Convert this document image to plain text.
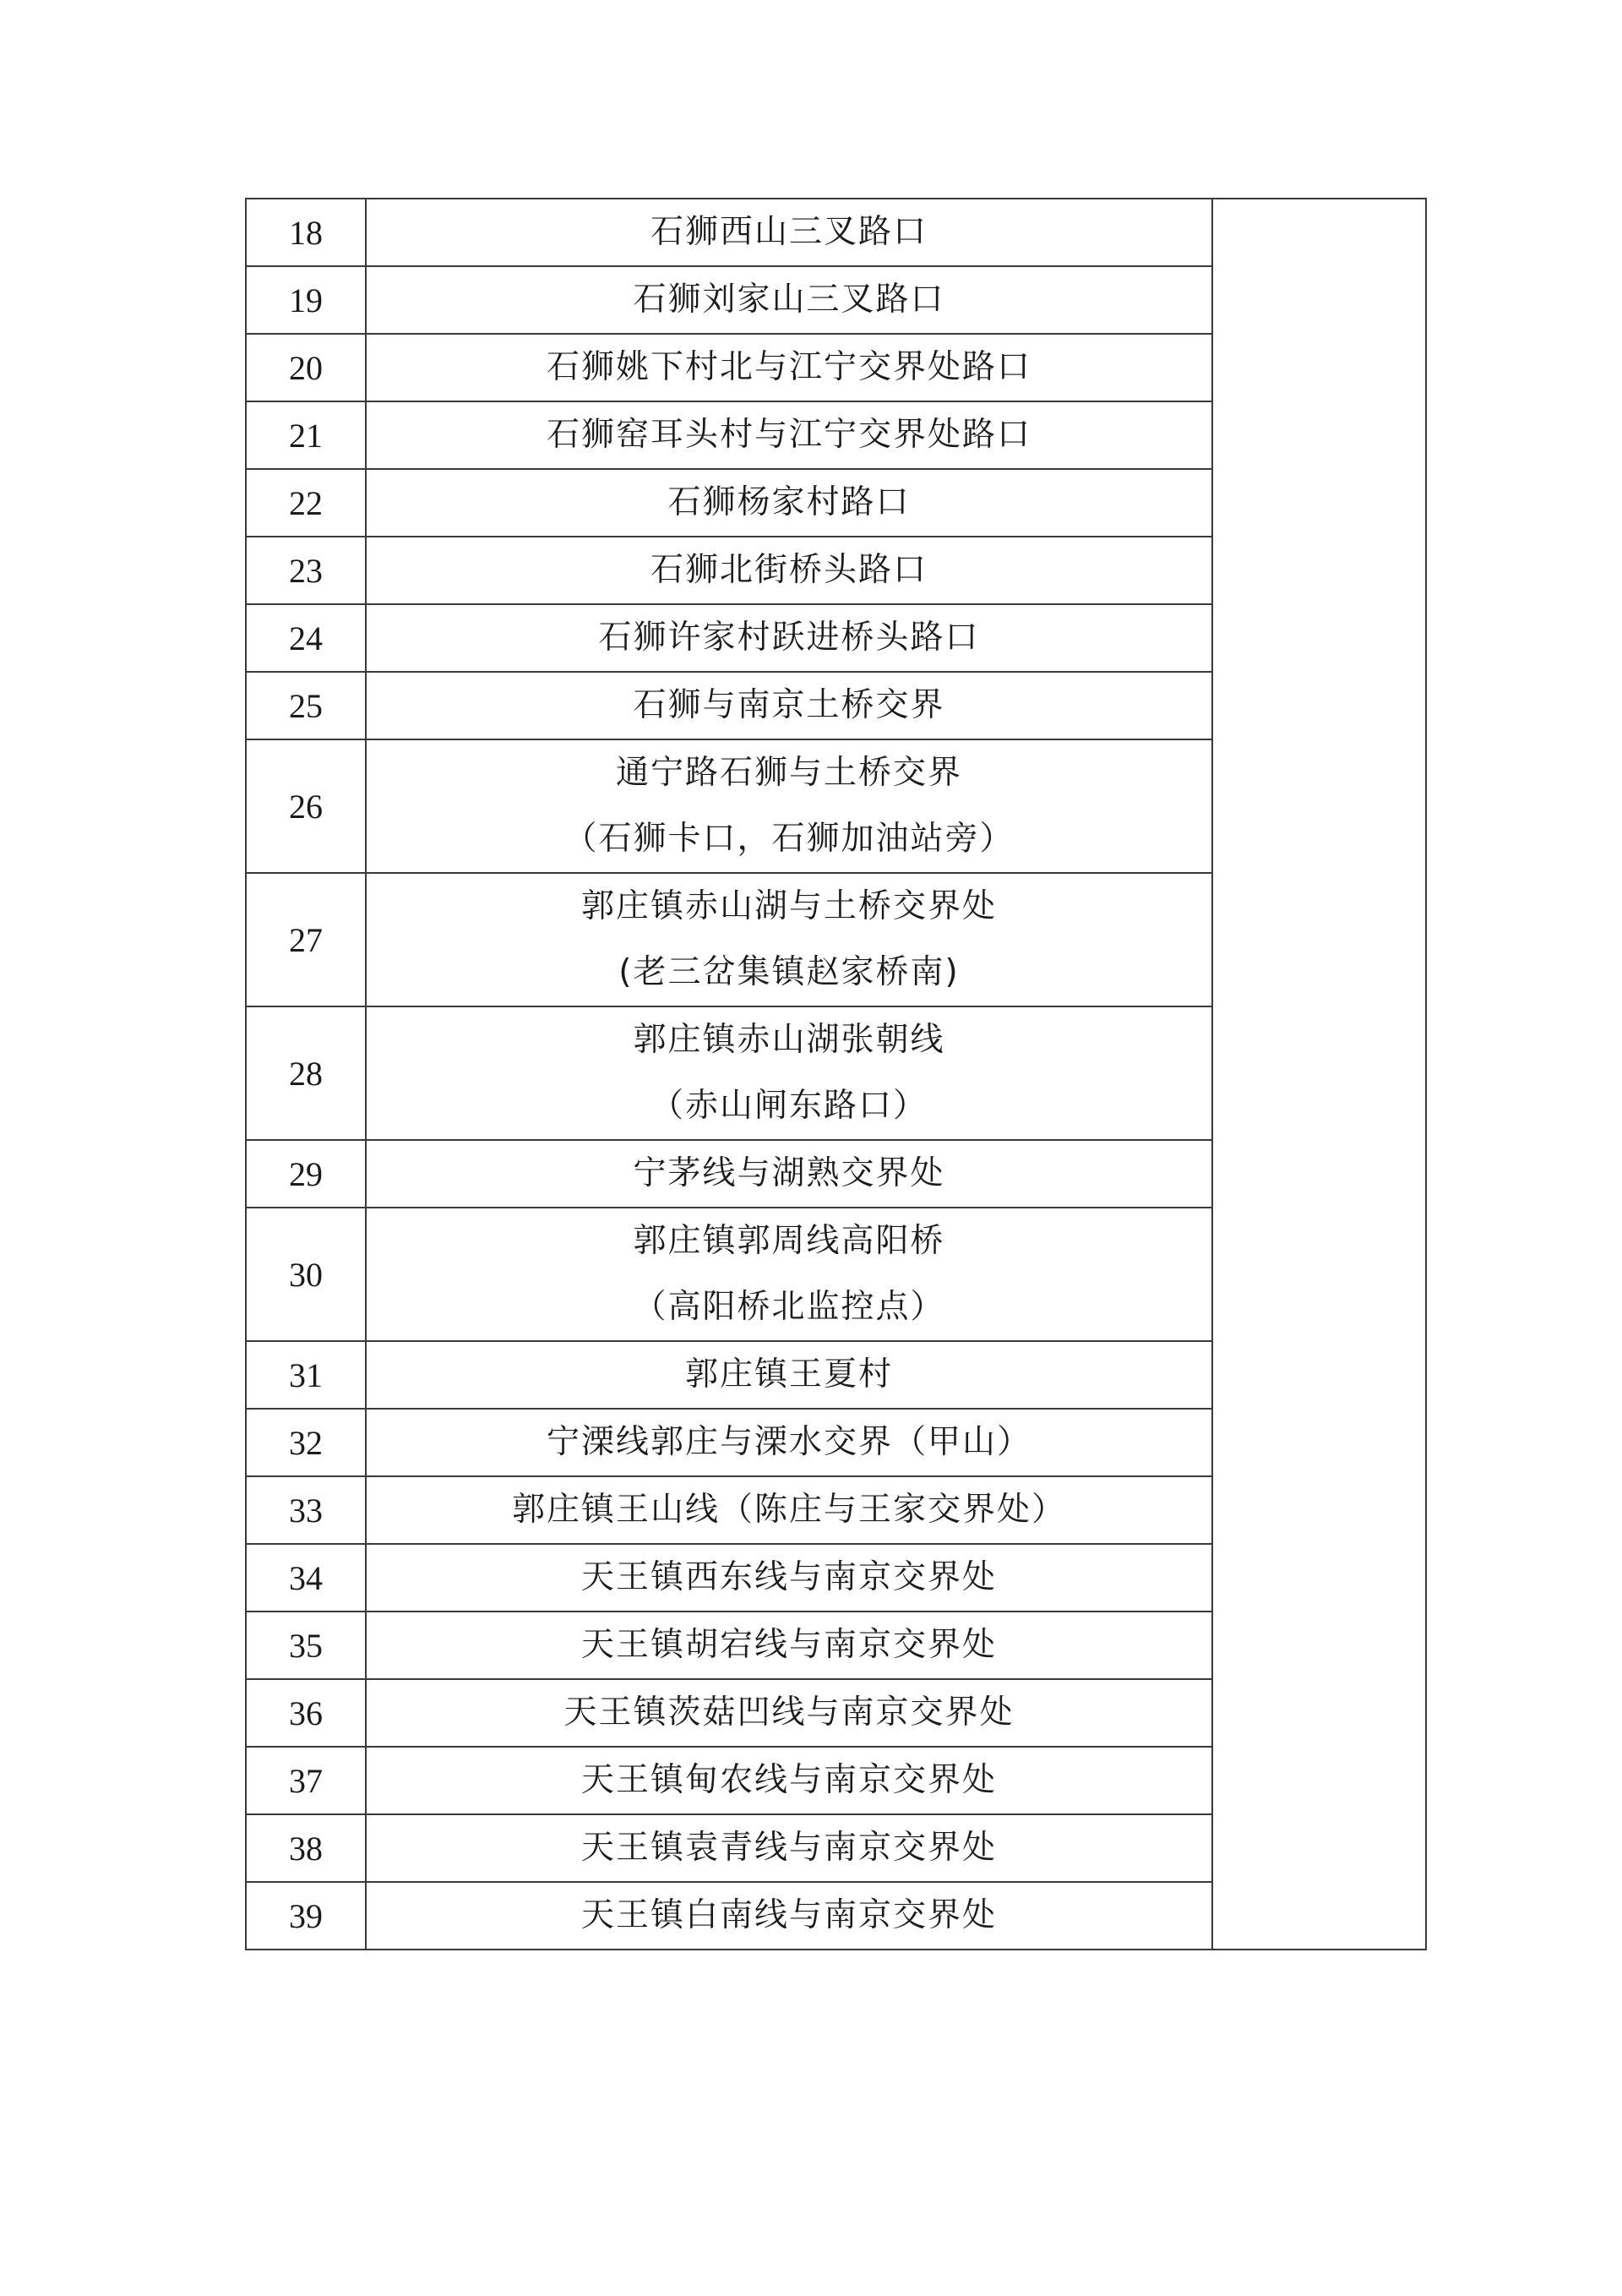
18	石狮西山三叉路口	

19	石狮刘家山三叉路口	

20	石狮姚下村北与江宁交界处路口	

21	石狮窑耳头村与江宁交界处路口	

22	石狮杨家村路口	

23	石狮北街桥头路口	

24	石狮许家村跃进桥头路口	

25	石狮与南京土桥交界	

26	通宁路石狮与土桥交界
（石狮卡口，石狮加油站旁）	

27	郭庄镇赤山湖与土桥交界处
(老三岔集镇赵家桥南)	

28	郭庄镇赤山湖张朝线
（赤山闸东路口）	

29	宁茅线与湖熟交界处	

30	郭庄镇郭周线高阳桥
（高阳桥北监控点）	

31	郭庄镇王夏村	

32	宁溧线郭庄与溧水交界（甲山）	

33	郭庄镇王山线（陈庄与王家交界处）	

34	天王镇西东线与南京交界处	

35	天王镇胡宕线与南京交界处	

36	天王镇茨菇凹线与南京交界处	

37	天王镇甸农线与南京交界处	

38	天王镇袁青线与南京交界处	

39	天王镇白南线与南京交界处	
